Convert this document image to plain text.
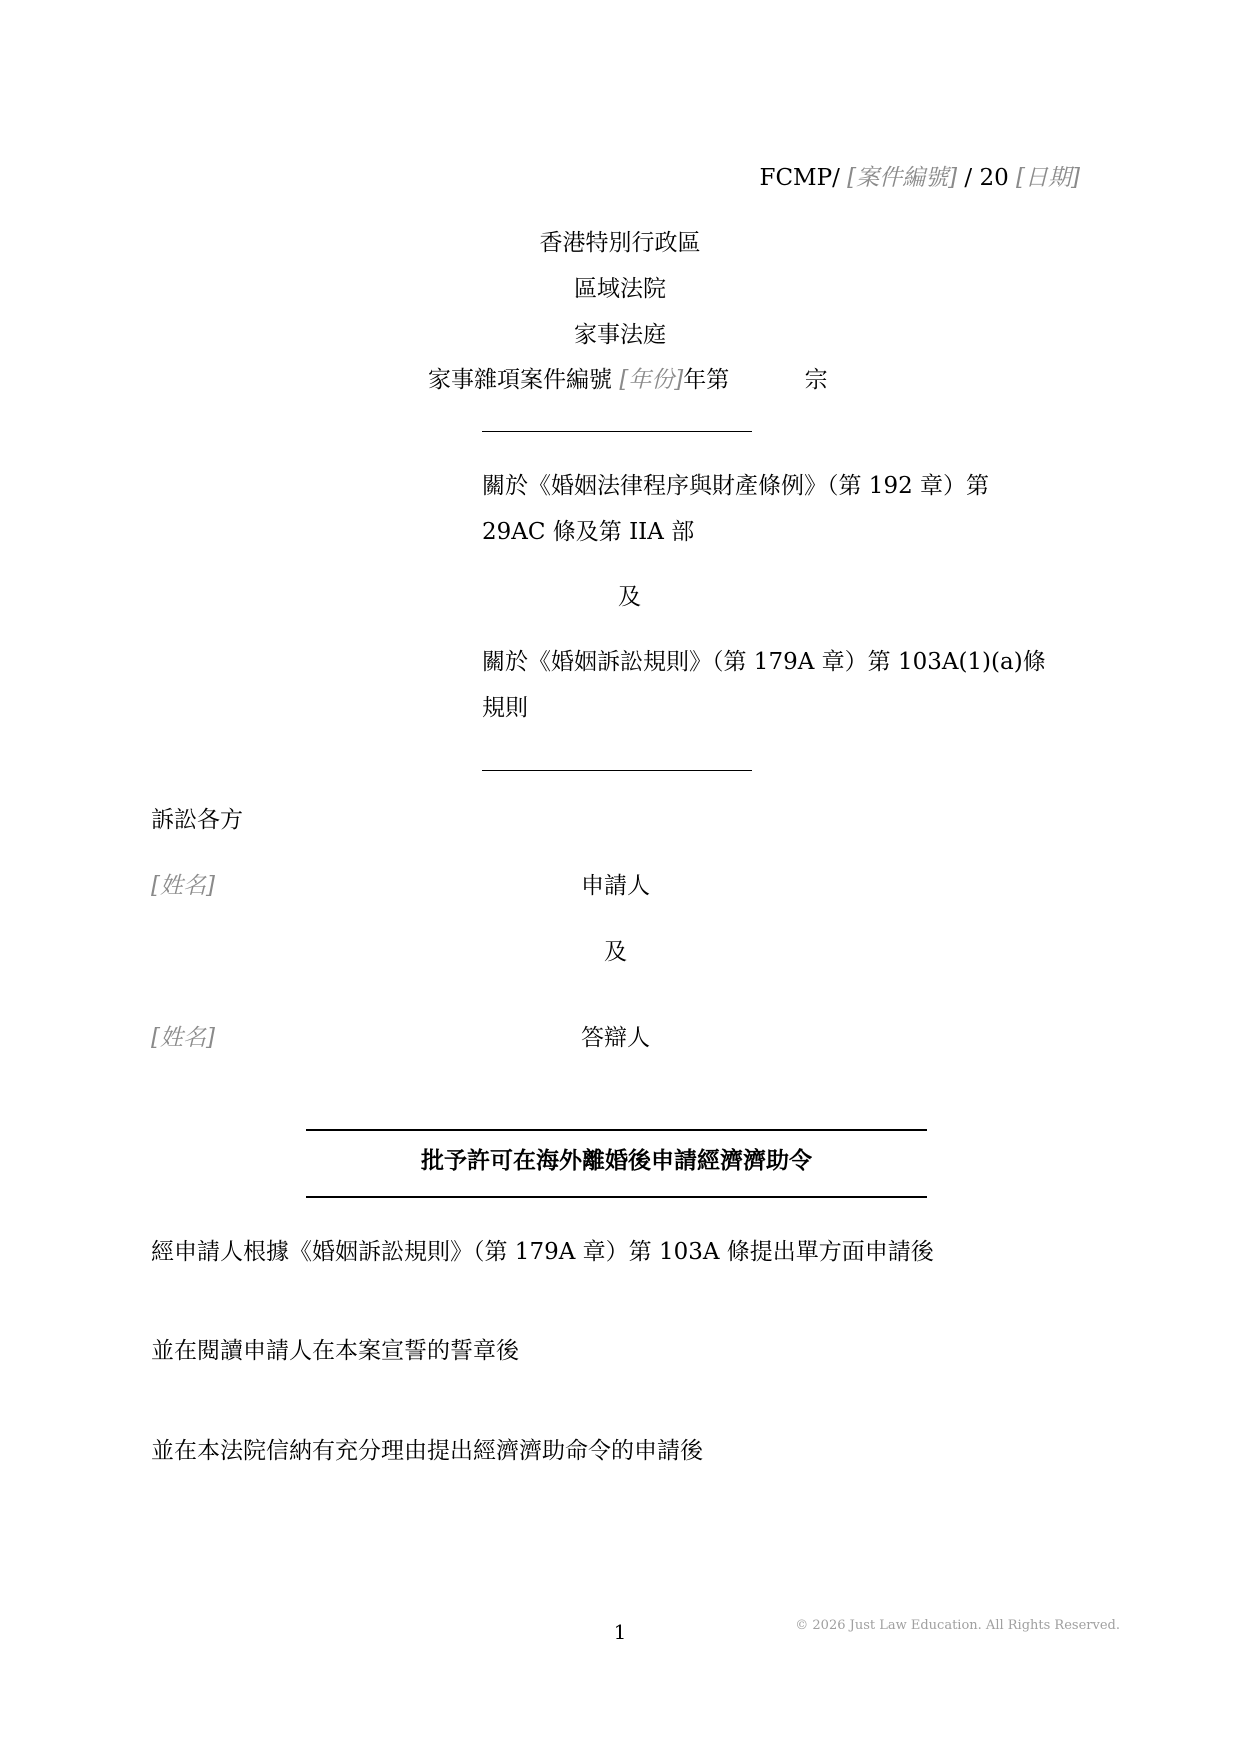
FCMP/ [案件編號] / 20 [日期]
香港特別行政區
區域法院
家事法庭
家事雜項案件編號 [年份]年第	宗
關於《婚姻法律程序與財產條例》（第 192 章）第
29AC 條及第 IIA 部
及
關於《婚姻訴訟規則》（第 179A 章）第 103A(1)(a)條
規則
訴訟各方
[姓名]	申請人
及
[姓名]	答辯人
批予許可在海外離婚後申請經濟濟助令
經申請人根據《婚姻訴訟規則》（第 179A 章）第 103A 條提出單方面申請後
並在閱讀申請人在本案宣誓的誓章後
並在本法院信納有充分理由提出經濟濟助命令的申請後
1	© 2026 Just Law Education. All Rights Reserved.
